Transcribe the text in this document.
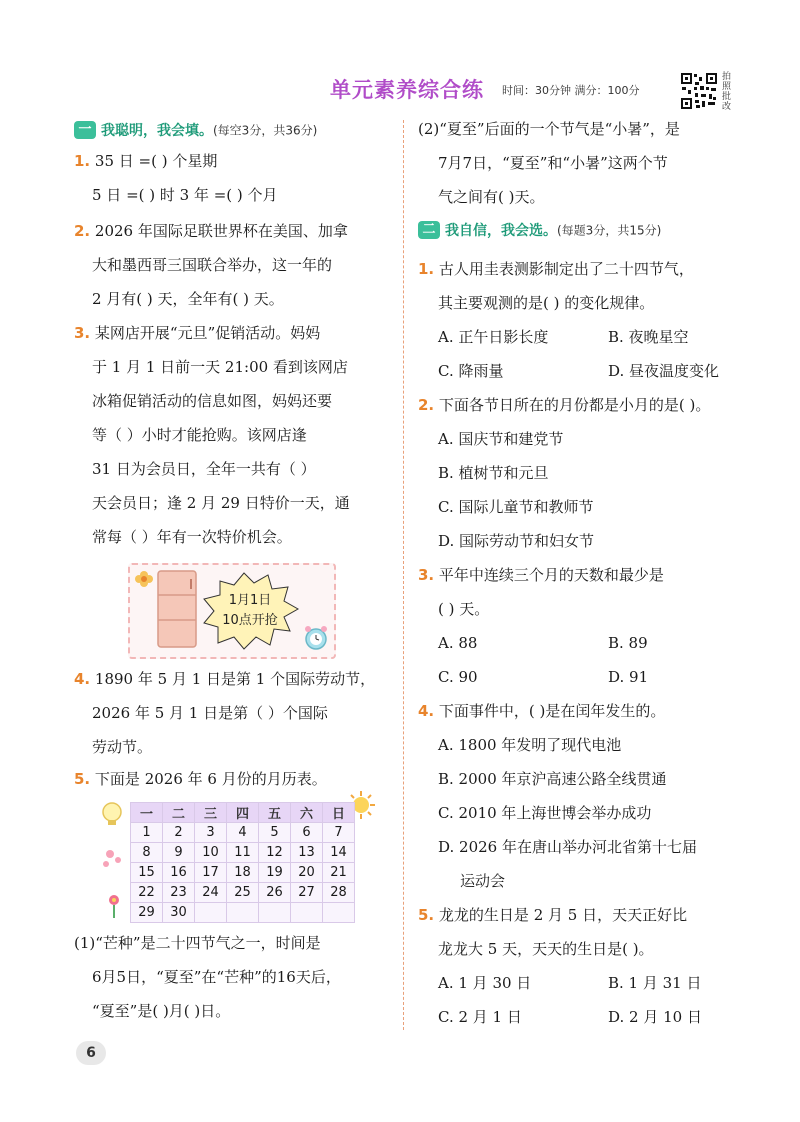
单元素养综合练 时间：30分钟 满分：100分
拍照批改
一 我聪明，我会填。(每空3分，共36分)
1. 35 日 =( ) 个星期
5 日 =( ) 时 3 年 =( ) 个月
2. 2026 年国际足联世界杯在美国、加拿
大和墨西哥三国联合举办，这一年的
2 月有( ) 天，全年有( ) 天。
3. 某网店开展“元旦”促销活动。妈妈
于 1 月 1 日前一天 21:00 看到该网店
冰箱促销活动的信息如图，妈妈还要
等（ ）小时才能抢购。该网店逢
31 日为会员日，全年一共有（ ）
天会员日；逢 2 月 29 日特价一天，通
常每（ ）年有一次特价机会。
1月1日
10点开抢
4. 1890 年 5 月 1 日是第 1 个国际劳动节，
2026 年 5 月 1 日是第（ ）个国际
劳动节。
5. 下面是 2026 年 6 月份的月历表。
一	二	三	四	五	六	日
1	2	3	4	5	6	7
8	9	10	11	12	13	14
15	16	17	18	19	20	21
22	23	24	25	26	27	28
29	30					
(1)“芒种”是二十四节气之一，时间是
6月5日，“夏至”在“芒种”的16天后，
“夏至”是( )月( )日。
(2)“夏至”后面的一个节气是“小暑”，是
7月7日，“夏至”和“小暑”这两个节
气之间有( )天。
二 我自信，我会选。(每题3分，共15分)
1. 古人用圭表测影制定出了二十四节气，
其主要观测的是( ) 的变化规律。
A. 正午日影长度	B. 夜晚星空
C. 降雨量	D. 昼夜温度变化
2. 下面各节日所在的月份都是小月的是( )。
A. 国庆节和建党节
B. 植树节和元旦
C. 国际儿童节和教师节
D. 国际劳动节和妇女节
3. 平年中连续三个月的天数和最少是
( ) 天。
A. 88	B. 89
C. 90	D. 91
4. 下面事件中，( )是在闰年发生的。
A. 1800 年发明了现代电池
B. 2000 年京沪高速公路全线贯通
C. 2010 年上海世博会举办成功
D. 2026 年在唐山举办河北省第十七届
运动会
5. 龙龙的生日是 2 月 5 日，天天正好比
龙龙大 5 天，天天的生日是( )。
A. 1 月 30 日	B. 1 月 31 日
C. 2 月 1 日	D. 2 月 10 日
6
